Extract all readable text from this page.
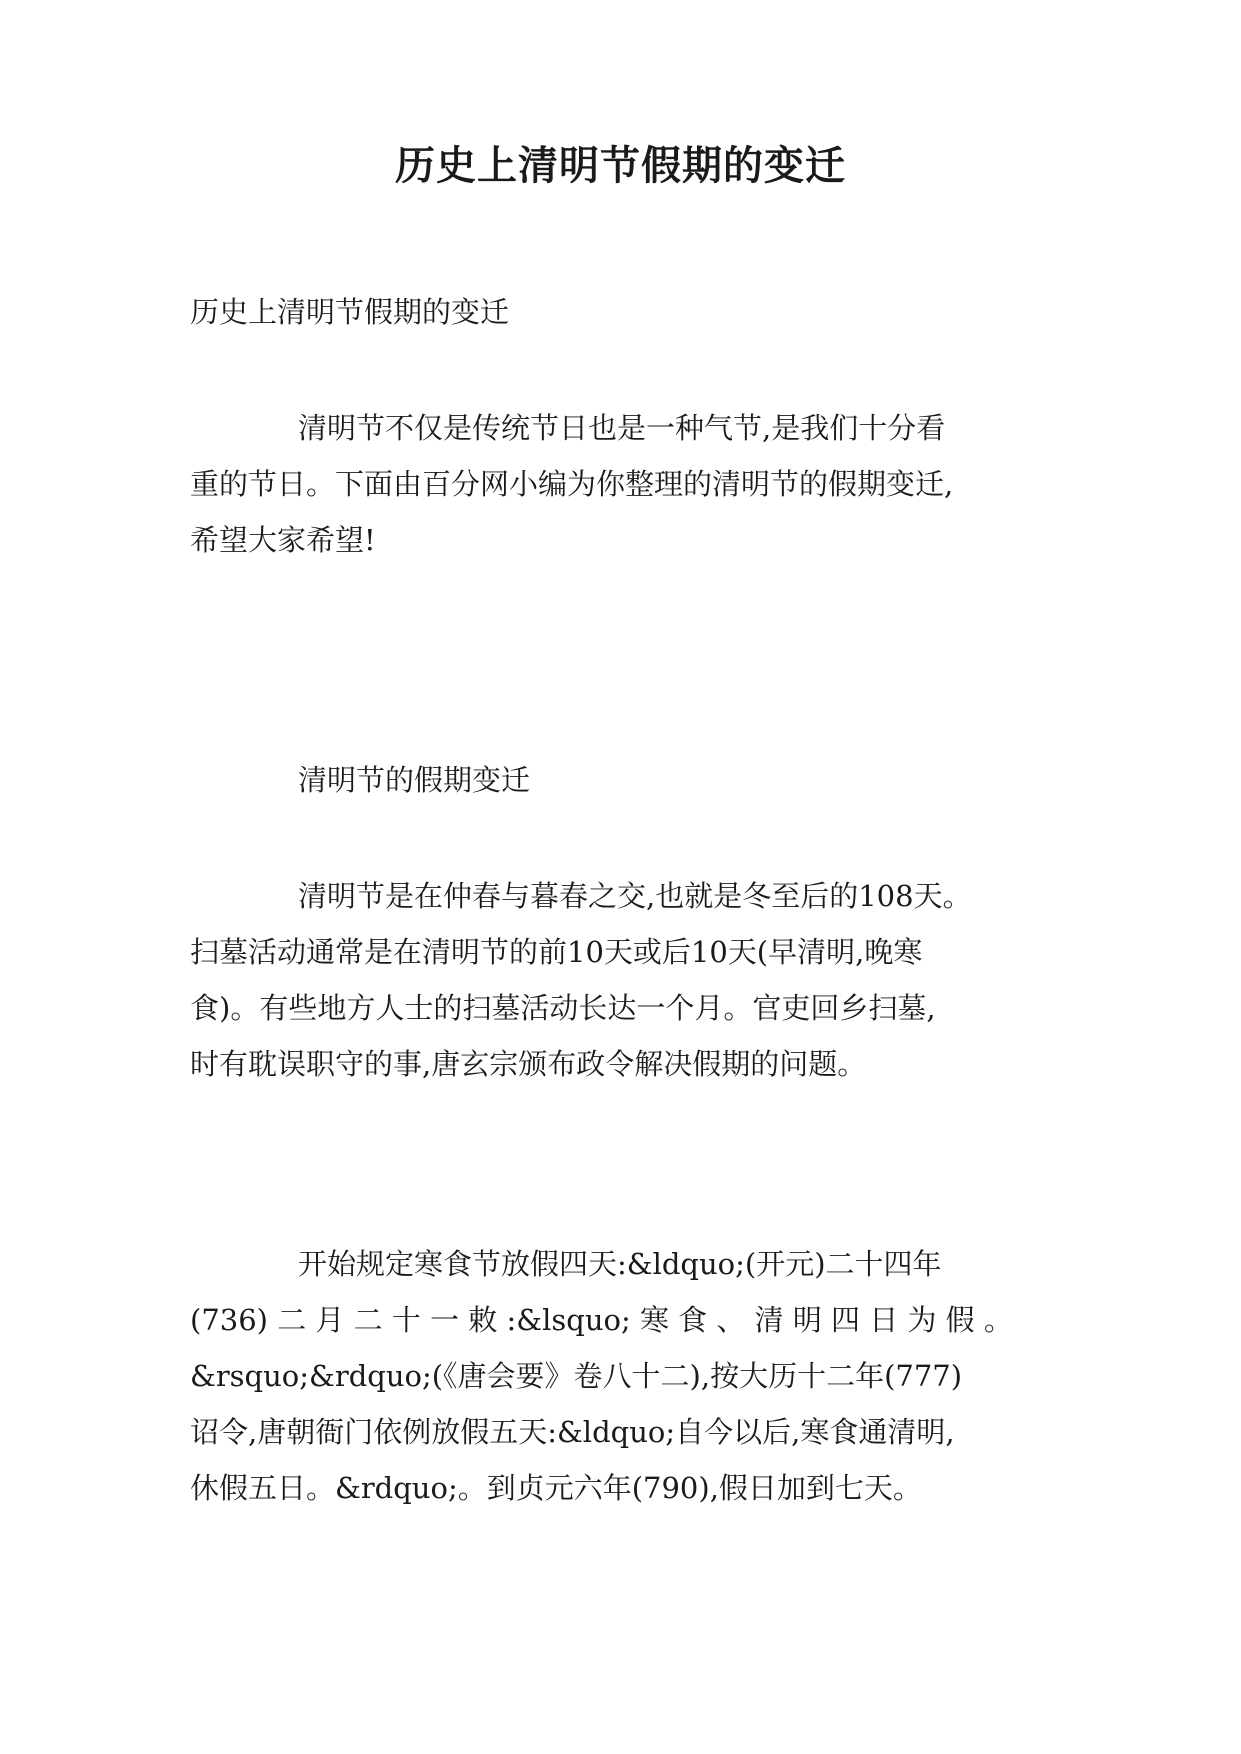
历史上清明节假期的变迁
历史上清明节假期的变迁
清明节不仅是传统节日也是一种气节,是我们十分看
重的节日。下面由百分网小编为你整理的清明节的假期变迁,
希望大家希望!
清明节的假期变迁
清明节是在仲春与暮春之交,也就是冬至后的108天。
扫墓活动通常是在清明节的前10天或后10天(早清明,晚寒
食)。有些地方人士的扫墓活动长达一个月。官吏回乡扫墓,
时有耽误职守的事,唐玄宗颁布政令解决假期的问题。
开始规定寒食节放假四天:&ldquo;(开元)二十四年
(736) 二 月 二 十 一 敕 :&lsquo; 寒 食 、 清 明 四 日 为 假 。
&rsquo;&rdquo;(《唐会要》卷八十二),按大历十二年(777)
诏令,唐朝衙门依例放假五天:&ldquo;自今以后,寒食通清明,
休假五日。&rdquo;。到贞元六年(790),假日加到七天。
